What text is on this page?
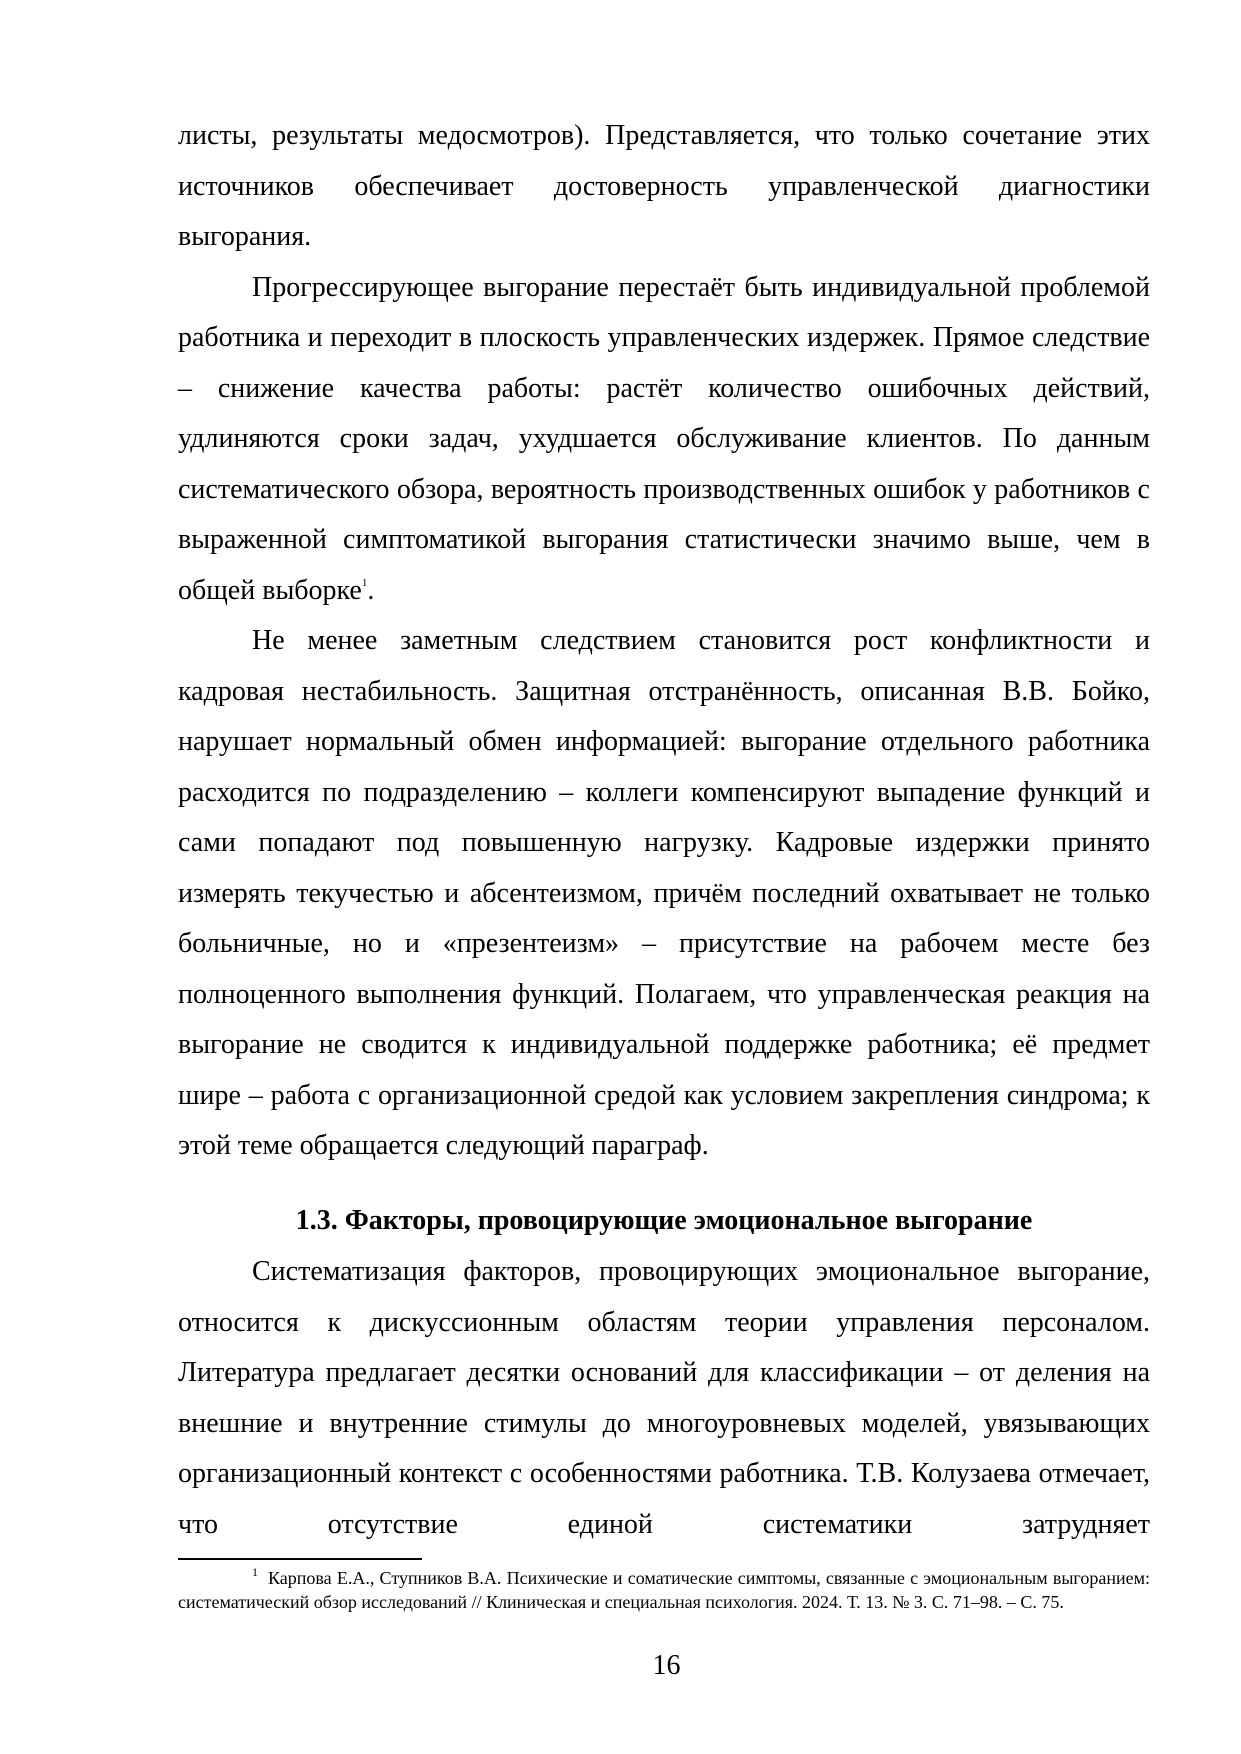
листы, результаты медосмотров). Представляется, что только сочетание этих источников обеспечивает достоверность управленческой диагностики выгорания.

Прогрессирующее выгорание перестаёт быть индивидуальной проблемой работника и переходит в плоскость управленческих издержек. Прямое следствие – снижение качества работы: растёт количество ошибочных действий, удлиняются сроки задач, ухудшается обслуживание клиентов. По данным систематического обзора, вероятность производственных ошибок у работников с выраженной симптоматикой выгорания статистически значимо выше, чем в общей выборке$^1$.

Не менее заметным следствием становится рост конфликтности и кадровая нестабильность. Защитная отстранённость, описанная В.В. Бойко, нарушает нормальный обмен информацией: выгорание отдельного работника расходится по подразделению – коллеги компенсируют выпадение функций и сами попадают под повышенную нагрузку. Кадровые издержки принято измерять текучестью и абсентеизмом, причём последний охватывает не только больничные, но и «презентеизм» – присутствие на рабочем месте без полноценного выполнения функций. Полагаем, что управленческая реакция на выгорание не сводится к индивидуальной поддержке работника; её предмет шире – работа с организационной средой как условием закрепления синдрома; к этой теме обращается следующий параграф.

1.3. Факторы, провоцирующие эмоциональное выгорание

Систематизация факторов, провоцирующих эмоциональное выгорание, относится к дискуссионным областям теории управления персоналом. Литература предлагает десятки оснований для классификации – от деления на внешние и внутренние стимулы до многоуровневых моделей, увязывающих организационный контекст с особенностями работника. Т.В. Колузаева отмечает, что отсутствие единой систематики затрудняет

$^1$ Карпова Е.А., Ступников В.А. Психические и соматические симптомы, связанные с эмоциональным выгоранием: систематический обзор исследований // Клиническая и специальная психология. 2024. Т. 13. № 3. С. 71–98. – С. 75.

16
